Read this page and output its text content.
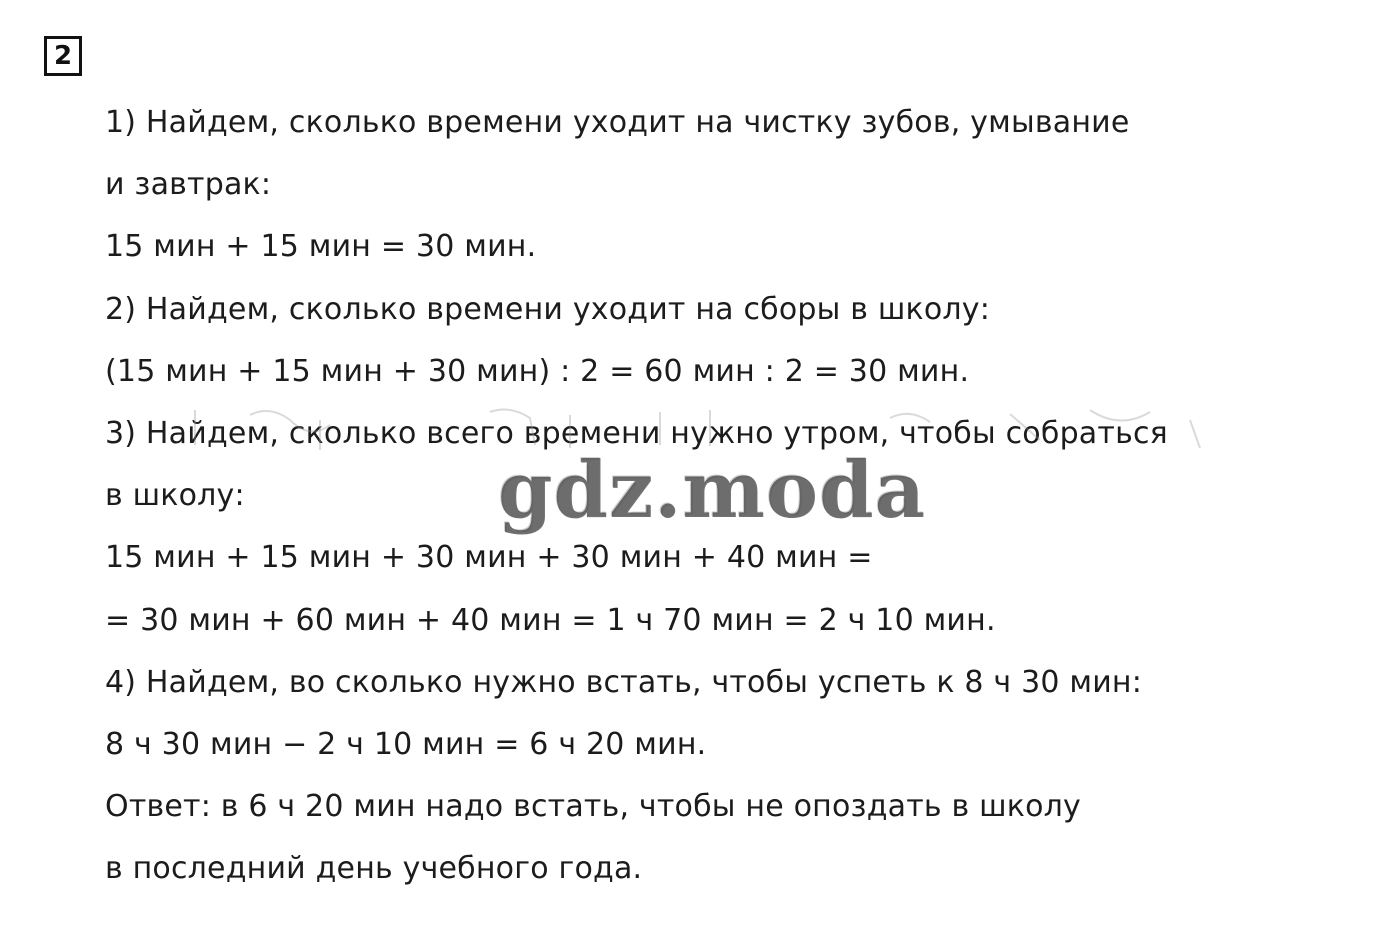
2
1) Найдем, сколько времени уходит на чистку зубов, умывание
и завтрак:
15 мин + 15 мин = 30 мин.
2) Найдем, сколько времени уходит на сборы в школу:
(15 мин + 15 мин + 30 мин) : 2 = 60 мин : 2 = 30 мин.
3) Найдем, сколько всего времени нужно утром, чтобы собраться
в школу:
15 мин + 15 мин + 30 мин + 30 мин + 40 мин =
= 30 мин + 60 мин + 40 мин = 1 ч 70 мин = 2 ч 10 мин.
4) Найдем, во сколько нужно встать, чтобы успеть к 8 ч 30 мин:
8 ч 30 мин − 2 ч 10 мин = 6 ч 20 мин.
Ответ: в 6 ч 20 мин надо встать, чтобы не опоздать в школу
в последний день учебного года.
gdz.moda
